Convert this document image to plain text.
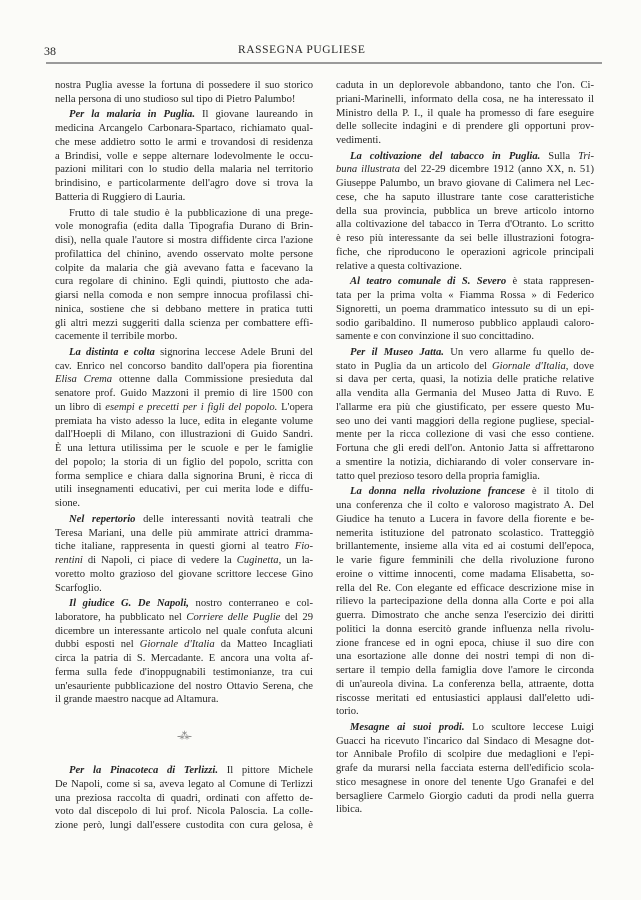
38	RASSEGNA PUGLIESE
nostra Puglia avesse la fortuna di possedere il suo storico
nella persona di uno studioso sul tipo di Pietro Palumbo!
Per la malaria in Puglia. Il giovane laureando in
medicina Arcangelo Carbonara-Spartaco, richiamato qual-
che mese addietro sotto le armi e trovandosi di residenza
a Brindisi, volle e seppe alternare lodevolmente le occu-
pazioni militari con lo studio della malaria nel territorio
brindisino, e particolarmente dell'agro dove si trova la
Batteria di Ruggiero di Lauria.
Frutto di tale studio è la pubblicazione di una prege-
vole monografia (edita dalla Tipografia Durano di Brin-
disi), nella quale l'autore si mostra diffidente circa l'azione
profilattica del chinino, avendo osservato molte persone
colpite da malaria che già avevano fatta e facevano la
cura regolare di chinino. Egli quindi, piuttosto che ada-
giarsi nella comoda e non sempre innocua profilassi chi-
ninica, sostiene che si debbano mettere in pratica tutti
gli altri mezzi suggeriti dalla scienza per combattere effi-
cacemente il terribile morbo.
La distinta e colta signorina leccese Adele Bruni del
cav. Enrico nel concorso bandito dall'opera pia fiorentina
Elisa Crema ottenne dalla Commissione presieduta dal
senatore prof. Guido Mazzoni il premio di lire 1500 con
un libro di esempi e precetti per i figli del popolo. L'opera
premiata ha visto adesso la luce, edita in elegante volume
dall'Hoepli di Milano, con illustrazioni di Guido Sandri.
È una lettura utilissima per le scuole e per le famiglie
del popolo; la storia di un figlio del popolo, scritta con
forma semplice e chiara dalla signorina Bruni, è ricca di
utili insegnamenti educativi, per cui merita lode e diffu-
sione.
Nel repertorio delle interessanti novità teatrali che
Teresa Mariani, una delle più ammirate attrici dramma-
tiche italiane, rappresenta in questi giorni al teatro Fio-
rentini di Napoli, ci piace di vedere la Cuginetta, un la-
voretto molto grazioso del giovane scrittore leccese Gino
Scarfoglio.
Il giudice G. De Napoli, nostro conterraneo e col-
laboratore, ha pubblicato nel Corriere delle Puglie del 29
dicembre un interessante articolo nel quale confuta alcuni
dubbi esposti nel Giornale d'Italia da Matteo Incagliati
circa la patria di S. Mercadante. E ancora una volta af-
ferma sulla fede d'inoppugnabili testimonianze, tra cui
un'esauriente pubblicazione del nostro Ottavio Serena, che
il grande maestro nacque ad Altamura.
-⁂-
Per la Pinacoteca di Terlizzi. Il pittore Michele
De Napoli, come si sa, aveva legato al Comune di Terlizzi
una preziosa raccolta di quadri, ordinati con affetto de-
voto dal discepolo di lui prof. Nicola Paloscia. La colle-
zione però, lungi dall'essere custodita con cura gelosa, è
caduta in un deplorevole abbandono, tanto che l'on. Ci-
priani-Marinelli, informato della cosa, ne ha interessato il
Ministro della P. I., il quale ha promesso di fare eseguire
delle sollecite indagini e di prendere gli opportuni prov-
vedimenti.
La coltivazione del tabacco in Puglia. Sulla Tri-
buna illustrata del 22-29 dicembre 1912 (anno XX, n. 51)
Giuseppe Palumbo, un bravo giovane di Calimera nel Lec-
cese, che ha saputo illustrare tante cose caratteristiche
della sua provincia, pubblica un breve articolo intorno
alla coltivazione del tabacco in Terra d'Otranto. Lo scritto
è reso più interessante da sei belle illustrazioni fotogra-
fiche, che riproducono le operazioni agricole principali
relative a questa coltivazione.
Al teatro comunale di S. Severo è stata rappresen-
tata per la prima volta « Fiamma Rossa » di Federico
Signoretti, un poema drammatico intessuto su di un epi-
sodio garibaldino. Il numeroso pubblico applaudì caloro-
samente e con convinzione il suo concittadino.
Per il Museo Jatta. Un vero allarme fu quello de-
stato in Puglia da un articolo del Giornale d'Italia, dove
si dava per certa, quasi, la notizia delle pratiche relative
alla vendita alla Germania del Museo Jatta di Ruvo. E
l'allarme era più che giustificato, per essere questo Mu-
seo uno dei vanti maggiori della regione pugliese, special-
mente per la ricca collezione di vasi che esso contiene.
Fortuna che gli eredi dell'on. Antonio Jatta si affrettarono
a smentire la notizia, dichiarando di voler conservare in-
tatto quel prezioso tesoro della propria famiglia.
La donna nella rivoluzione francese è il titolo di
una conferenza che il colto e valoroso magistrato A. Del
Giudice ha tenuto a Lucera in favore della fiorente e be-
nemerita istituzione del patronato scolastico. Tratteggiò
brillantemente, insieme alla vita ed ai costumi dell'epoca,
le varie figure femminili che della rivoluzione furono
eroine o vittime innocenti, come madama Elisabetta, so-
rella del Re. Con elegante ed efficace descrizione mise in
rilievo la partecipazione della donna alla Corte e poi alla
guerra. Dimostrato che anche senza l'esercizio dei diritti
politici la donna esercitò grande influenza nella rivolu-
zione francese ed in ogni epoca, chiuse il suo dire con
una esortazione alle donne dei nostri tempi di non di-
sertare il tempio della famiglia dove l'amore le circonda
di un'aureola divina. La conferenza bella, attraente, dotta
riscosse meritati ed entusiastici applausi dall'eletto udi-
torio.
Mesagne ai suoi prodi. Lo scultore leccese Luigi
Guacci ha ricevuto l'incarico dal Sindaco di Mesagne dot-
tor Annibale Profilo di scolpire due medaglioni e l'epi-
grafe da murarsi nella facciata esterna dell'edificio scola-
stico mesagnese in onore del tenente Ugo Granafei e del
bersagliere Carmelo Giorgio caduti da prodi nella guerra
libica.
